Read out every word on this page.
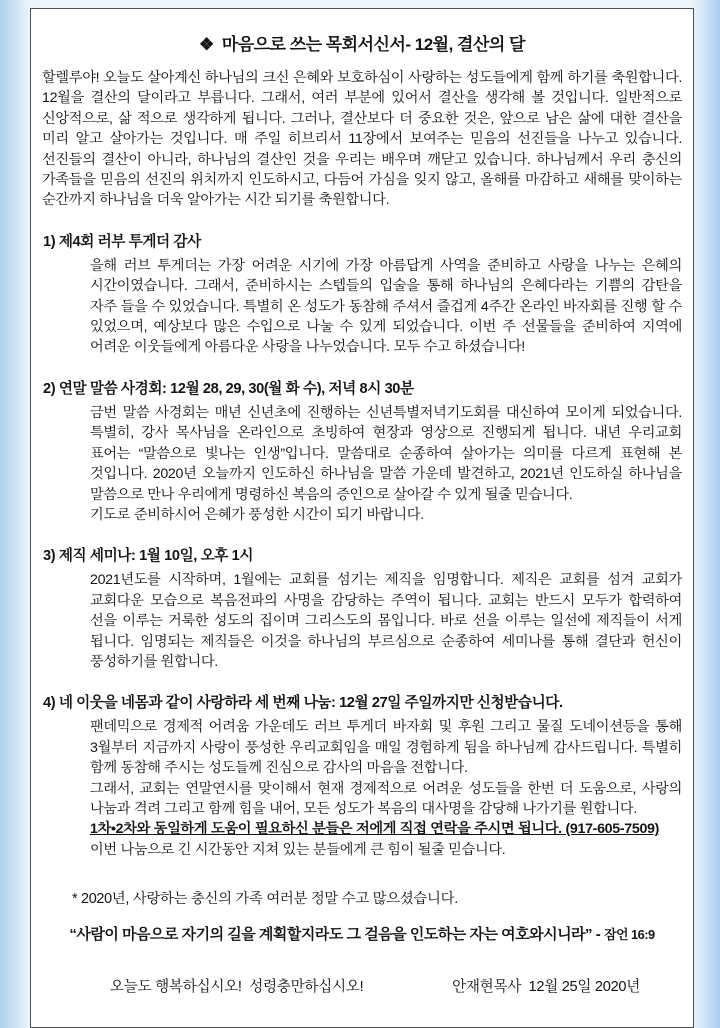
❖ 마음으로 쓰는 목회서신서- 12월, 결산의 달

할렐루야! 오늘도 살아계신 하나님의 크신 은혜와 보호하심이 사랑하는 성도들에게 함께 하기를 축원합니다. 12월을 결산의 달이라고 부릅니다. 그래서, 여러 부분에 있어서 결산을 생각해 볼 것입니다. 일반적으로 신앙적으로, 삶 적으로 생각하게 됩니다. 그러나, 결산보다 더 중요한 것은, 앞으로 남은 삶에 대한 결산을 미리 알고 살아가는 것입니다. 매 주일 히브리서 11장에서 보여주는 믿음의 선진들을 나누고 있습니다. 선진들의 결산이 아니라, 하나님의 결산인 것을 우리는 배우며 깨닫고 있습니다. 하나님께서 우리 충신의 가족들을 믿음의 선진의 위치까지 인도하시고, 다듬어 가심을 잊지 않고, 올해를 마감하고 새해를 맞이하는 순간까지 하나님을 더욱 알아가는 시간 되기를 축원합니다.

1) 제4회 러부 투게더 감사

을해 러브 투게더는 가장 어려운 시기에 가장 아름답게 사역을 준비하고 사랑을 나누는 은혜의 시간이였습니다. 그래서, 준비하시는 스텝들의 입술을 통해 하나님의 은혜다라는 기쁨의 감탄을 자주 들을 수 있었습니다. 특별히 온 성도가 동참해 주셔서 즐겁게 4주간 온라인 바자회를 진행 할 수 있었으며, 예상보다 많은 수입으로 나눌 수 있게 되었습니다. 이번 주 선물들을 준비하여 지역에 어려운 이웃들에게 아름다운 사랑을 나누었습니다. 모두 수고 하셨습니다!

2) 연말 말씀 사경회: 12월 28, 29, 30(월 화 수), 저녁 8시 30분

금번 말씀 사경회는 매년 신년초에 진행하는 신년특별저녁기도회를 대신하여 모이게 되었습니다. 특별히, 강사 목사님을 온라인으로 초빙하여 현장과 영상으로 진행되게 됩니다. 내년 우리교회 표어는 “말씀으로 빛나는 인생”입니다. 말씀대로 순종하여 살아가는 의미를 다르게 표현해 본 것입니다. 2020년 오늘까지 인도하신 하나님을 말씀 가운데 발견하고, 2021년 인도하실 하나님을 말씀으로 만나 우리에게 명령하신 복음의 증인으로 살아갈 수 있게 될줄 믿습니다.

기도로 준비하시어 은혜가 풍성한 시간이 되기 바랍니다.

3) 제직 세미나: 1월 10일, 오후 1시

2021년도를 시작하며, 1월에는 교회를 섬기는 제직을 임명합니다. 제직은 교회를 섬겨 교회가 교회다운 모습으로 복음전파의 사명을 감당하는 주역이 됩니다. 교회는 반드시 모두가 합력하여 선을 이루는 거룩한 성도의 집이며 그리스도의 몸입니다. 바로 선을 이루는 일선에 제직들이 서게 됩니다. 임명되는 제직들은 이것을 하나님의 부르심으로 순종하여 세미나를 통해 결단과 헌신이 풍성하기를 원합니다.

4) 네 이웃을 네몸과 같이 사랑하라 세 번째 나눔: 12월 27일 주일까지만 신청받습니다.

팬데믹으로 경제적 어려움 가운데도 러브 투게더 바자회 및 후원 그리고 물질 도네이션등을 통해 3월부터 지금까지 사랑이 풍성한 우리교회임을 매일 경험하게 됨을 하나님께 감사드립니다. 특별히 함께 동참해 주시는 성도들께 진심으로 감사의 마음을 전합니다.

그래서, 교회는 연말연시를 맞이해서 현재 경제적으로 어려운 성도들을 한번 더 도움으로, 사랑의 나눔과 격려 그리고 함께 힘을 내어, 모든 성도가 복음의 대사명을 감당해 나가기를 원합니다.

1차•2차와 동일하게 도움이 필요하신 분들은 저에게 직접 연락을 주시면 됩니다. (917-605-7509)

이번 나눔으로 긴 시간동안 지쳐 있는 분들에게 큰 힘이 될줄 믿습니다.

* 2020년, 사랑하는 충신의 가족 여러분 정말 수고 많으셨습니다.

“사람이 마음으로 자기의 길을 계획할지라도 그 걸음을 인도하는 자는 여호와시니라” - 잠언 16:9

오늘도 행복하십시오!  성령충만하십시오!	안재현목사  12월 25일 2020년
